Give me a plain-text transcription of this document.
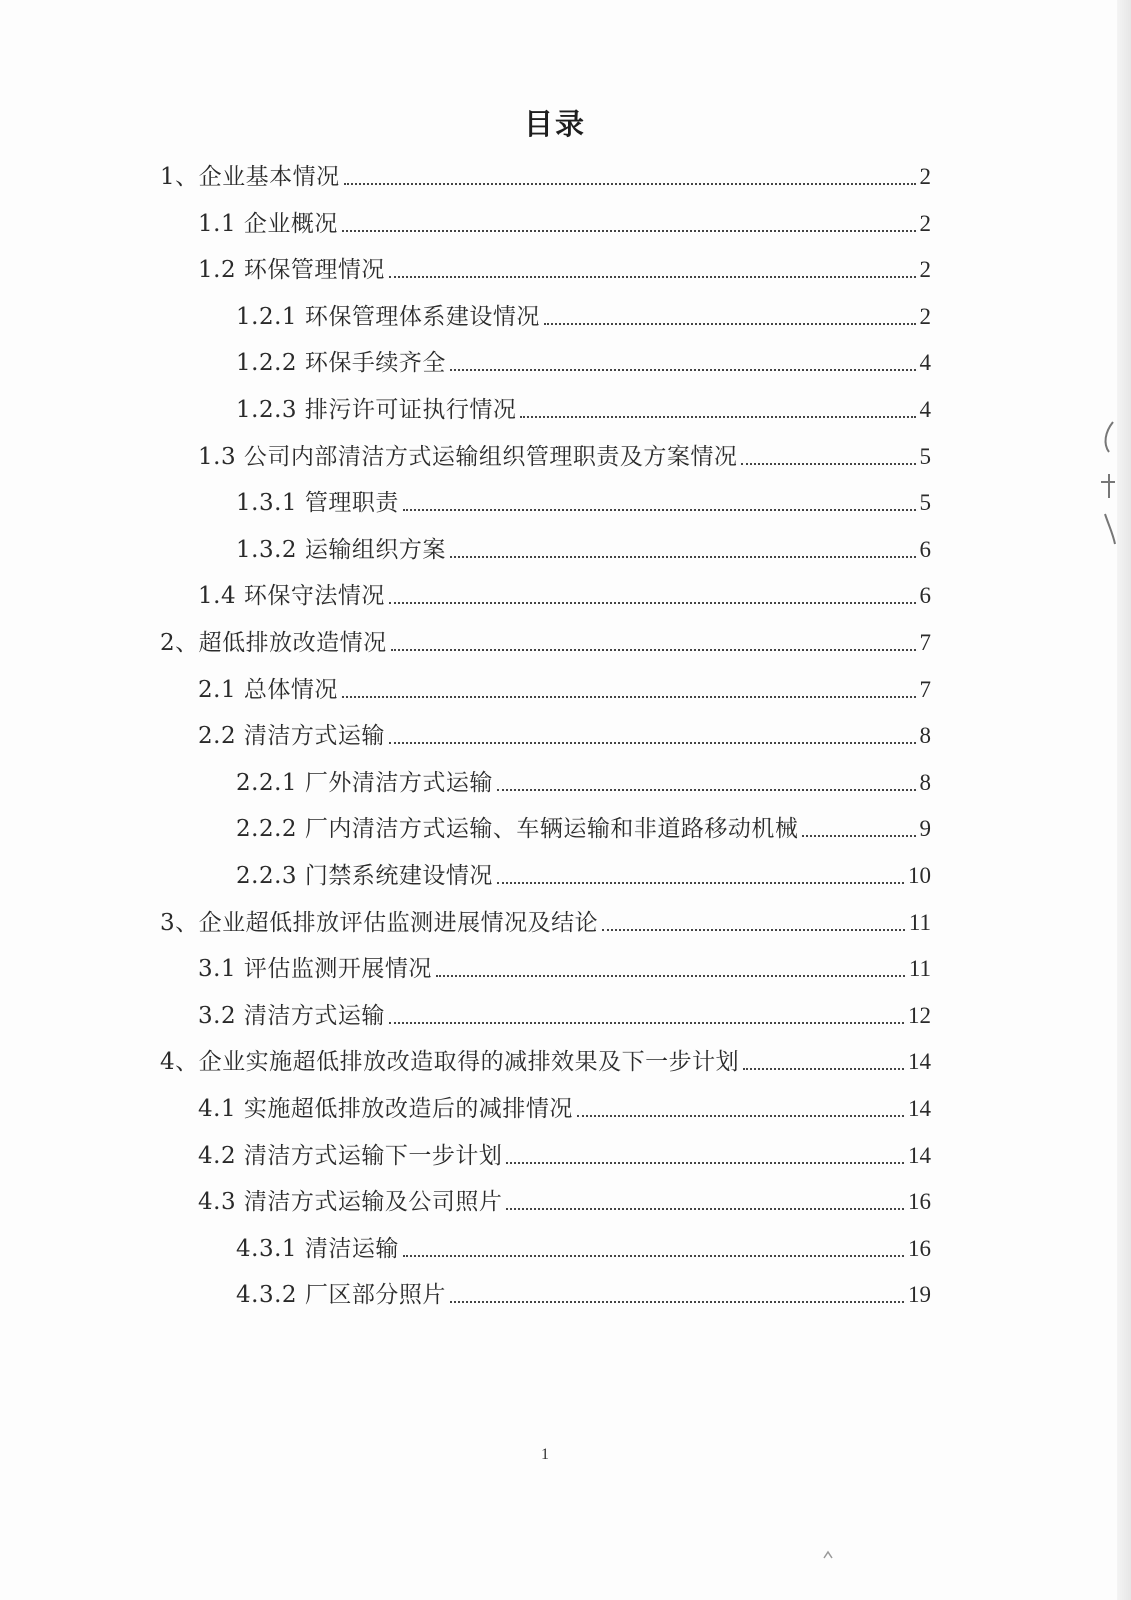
目录
1、企业基本情况	2
1.1 企业概况	2
1.2 环保管理情况	2
1.2.1 环保管理体系建设情况	2
1.2.2 环保手续齐全	4
1.2.3 排污许可证执行情况	4
1.3 公司内部清洁方式运输组织管理职责及方案情况	5
1.3.1 管理职责	5
1.3.2 运输组织方案	6
1.4 环保守法情况	6
2、超低排放改造情况	7
2.1 总体情况	7
2.2 清洁方式运输	8
2.2.1 厂外清洁方式运输	8
2.2.2 厂内清洁方式运输、车辆运输和非道路移动机械	9
2.2.3 门禁系统建设情况	10
3、企业超低排放评估监测进展情况及结论	11
3.1 评估监测开展情况	11
3.2 清洁方式运输	12
4、企业实施超低排放改造取得的减排效果及下一步计划	14
4.1 实施超低排放改造后的减排情况	14
4.2 清洁方式运输下一步计划	14
4.3 清洁方式运输及公司照片	16
4.3.1 清洁运输	16
4.3.2 厂区部分照片	19
1
